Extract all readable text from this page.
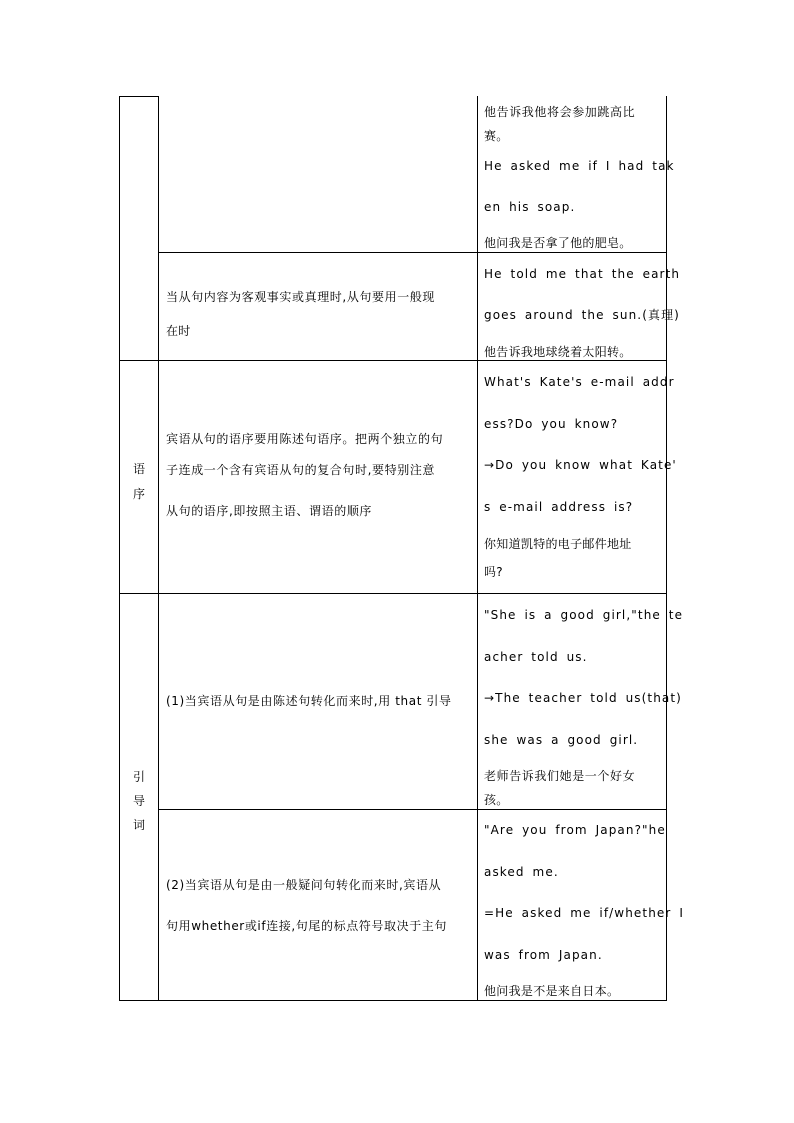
他告诉我他将会参加跳高比
赛。
He asked me if I had tak
en his soap.
他问我是否拿了他的肥皂。
当从句内容为客观事实或真理时,从句要用一般现
在时
He told me that the earth
goes around the sun.(真理)
他告诉我地球绕着太阳转。
语
序
宾语从句的语序要用陈述句语序。把两个独立的句
子连成一个含有宾语从句的复合句时,要特别注意
从句的语序,即按照主语、谓语的顺序
What's Kate's e-mail addr
ess?Do you know?
→Do you know what Kate'
s e-mail address is?
你知道凯特的电子邮件地址
吗?
引
导
词
(1)当宾语从句是由陈述句转化而来时,用 that 引导
"She is a good girl,"the te
acher told us.
→The teacher told us(that)
she was a good girl.
老师告诉我们她是一个好女
孩。
(2)当宾语从句是由一般疑问句转化而来时,宾语从
句用whether或if连接,句尾的标点符号取决于主句
"Are you from Japan?"he
asked me.
=He asked me if/whether I
was from Japan.
他问我是不是来自日本。
